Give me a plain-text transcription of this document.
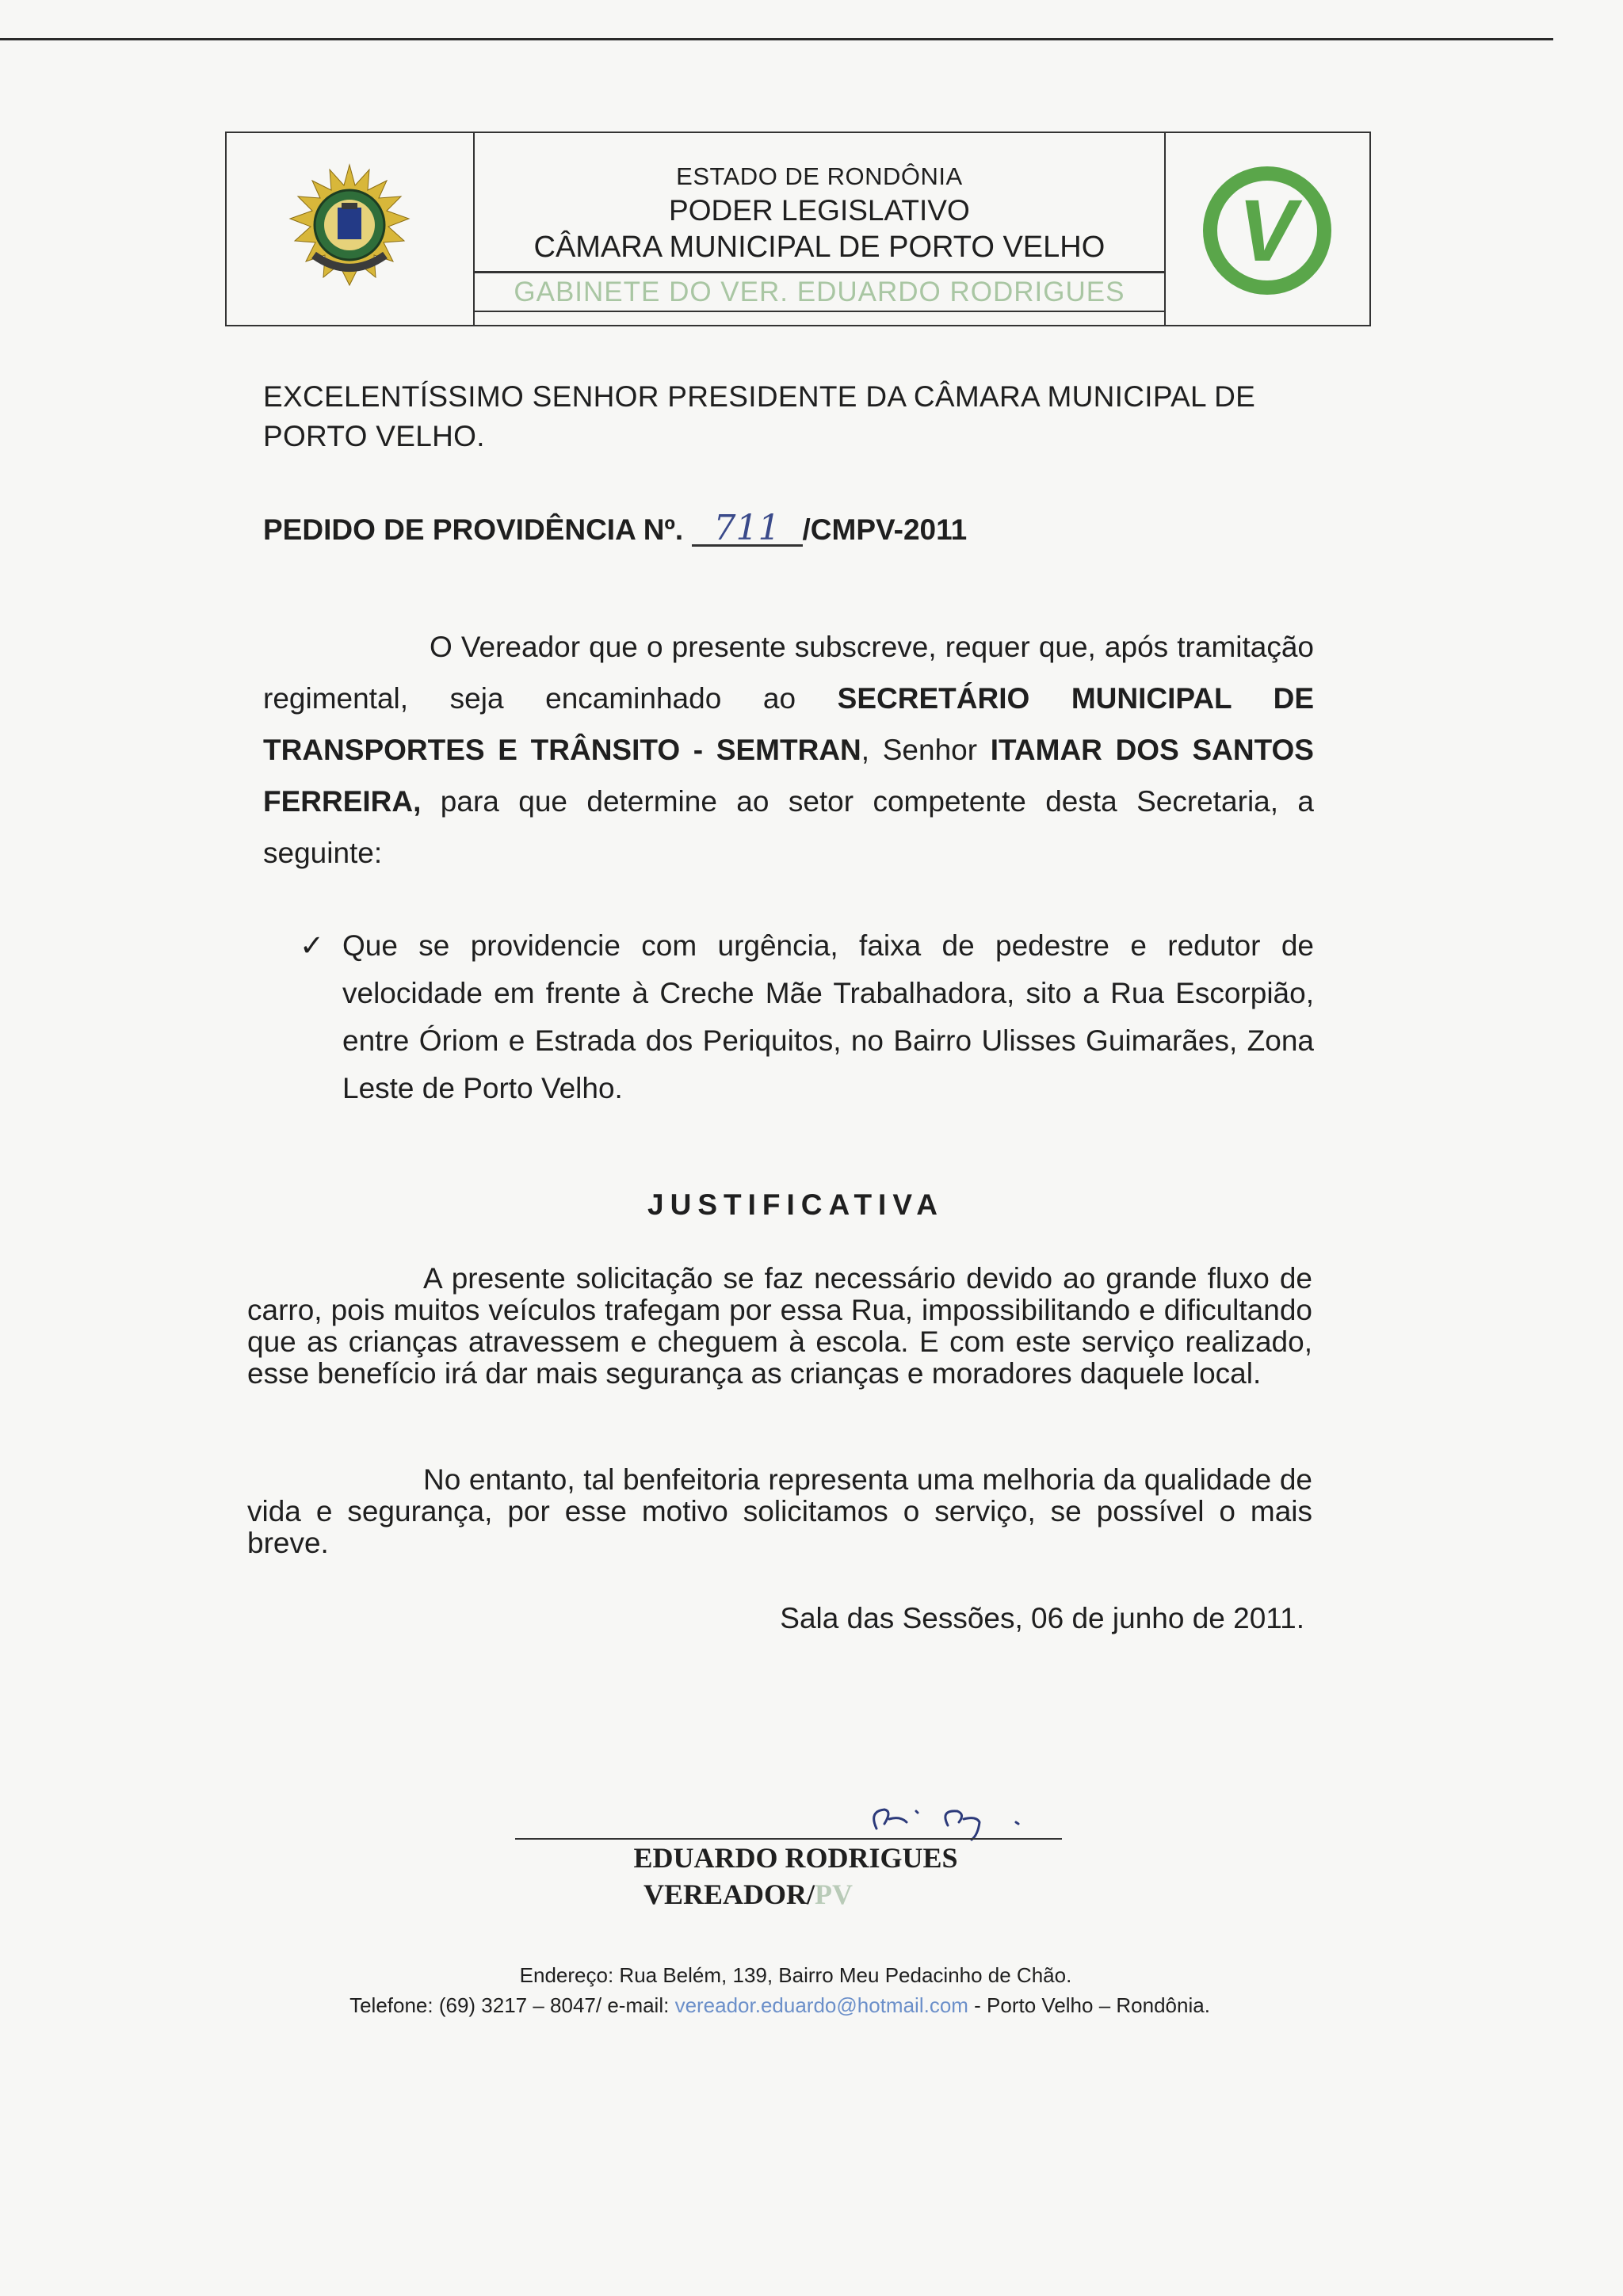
ESTADO DE RONDÔNIA
PODER LEGISLATIVO
CÂMARA MUNICIPAL DE PORTO VELHO
GABINETE DO VER. EDUARDO RODRIGUES
V
EXCELENTÍSSIMO SENHOR PRESIDENTE DA CÂMARA MUNICIPAL DE PORTO VELHO.
PEDIDO DE PROVIDÊNCIA Nº. 711 /CMPV-2011
O Vereador que o presente subscreve, requer que, após tramitação regimental, seja encaminhado ao SECRETÁRIO MUNICIPAL DE TRANSPORTES E TRÂNSITO - SEMTRAN, Senhor ITAMAR DOS SANTOS FERREIRA, para que determine ao setor competente desta Secretaria, a seguinte:
✓ Que se providencie com urgência, faixa de pedestre e redutor de velocidade em frente à Creche Mãe Trabalhadora, sito a Rua Escorpião, entre Óriom e Estrada dos Periquitos, no Bairro Ulisses Guimarães, Zona Leste de Porto Velho.
JUSTIFICATIVA
A presente solicitação se faz necessário devido ao grande fluxo de carro, pois muitos veículos trafegam por essa Rua, impossibilitando e dificultando que as crianças atravessem e cheguem à escola. E com este serviço realizado, esse benefício irá dar mais segurança as crianças e moradores daquele local.
No entanto, tal benfeitoria representa uma melhoria da qualidade de vida e segurança, por esse motivo solicitamos o serviço, se possível o mais breve.
Sala das Sessões, 06 de junho de 2011.
EDUARDO RODRIGUES
VEREADOR/PV
Endereço: Rua Belém, 139, Bairro Meu Pedacinho de Chão.
Telefone: (69) 3217 – 8047/ e-mail: vereador.eduardo@hotmail.com - Porto Velho – Rondônia.
